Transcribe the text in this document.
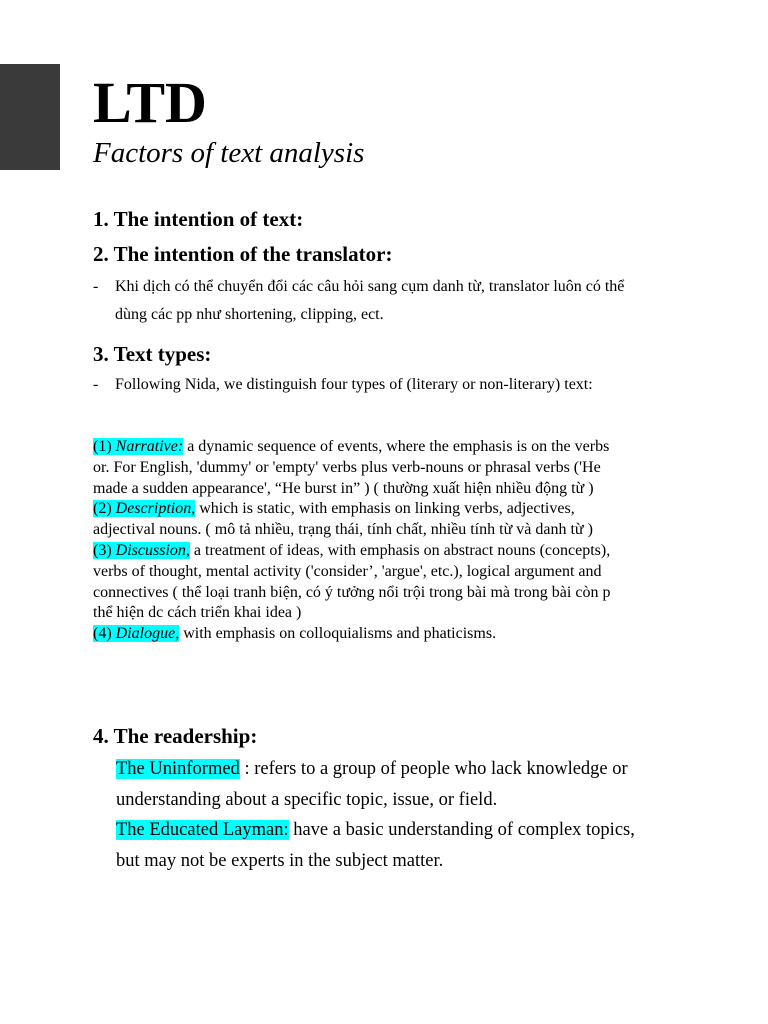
LTD
Factors of text analysis
1. The intention of text:
2. The intention of the translator:
- Khi dịch có thể chuyển đổi các câu hỏi sang cụm danh từ, translator luôn có thể dùng các pp như shortening, clipping, ect.
3. Text types:
- Following Nida, we distinguish four types of (literary or non-literary) text:

(1) Narrative: a dynamic sequence of events, where the emphasis is on the verbs or. For English, 'dummy' or 'empty' verbs plus verb-nouns or phrasal verbs ('He made a sudden appearance', “He burst in” ) ( thường xuất hiện nhiều động từ )

(2) Description, which is static, with emphasis on linking verbs, adjectives, adjectival nouns. ( mô tả nhiều, trạng thái, tính chất, nhiều tính từ và danh từ )

(3) Discussion, a treatment of ideas, with emphasis on abstract nouns (concepts), verbs of thought, mental activity ('consider’, 'argue', etc.), logical argument and connectives ( thể loại tranh biện, có ý tưởng nổi trội trong bài mà trong bài còn p thể hiện dc cách triển khai idea )

(4) Dialogue, with emphasis on colloquialisms and phaticisms.

4. The readership:

The Uninformed : refers to a group of people who lack knowledge or understanding about a specific topic, issue, or field.

The Educated Layman: have a basic understanding of complex topics, but may not be experts in the subject matter.
